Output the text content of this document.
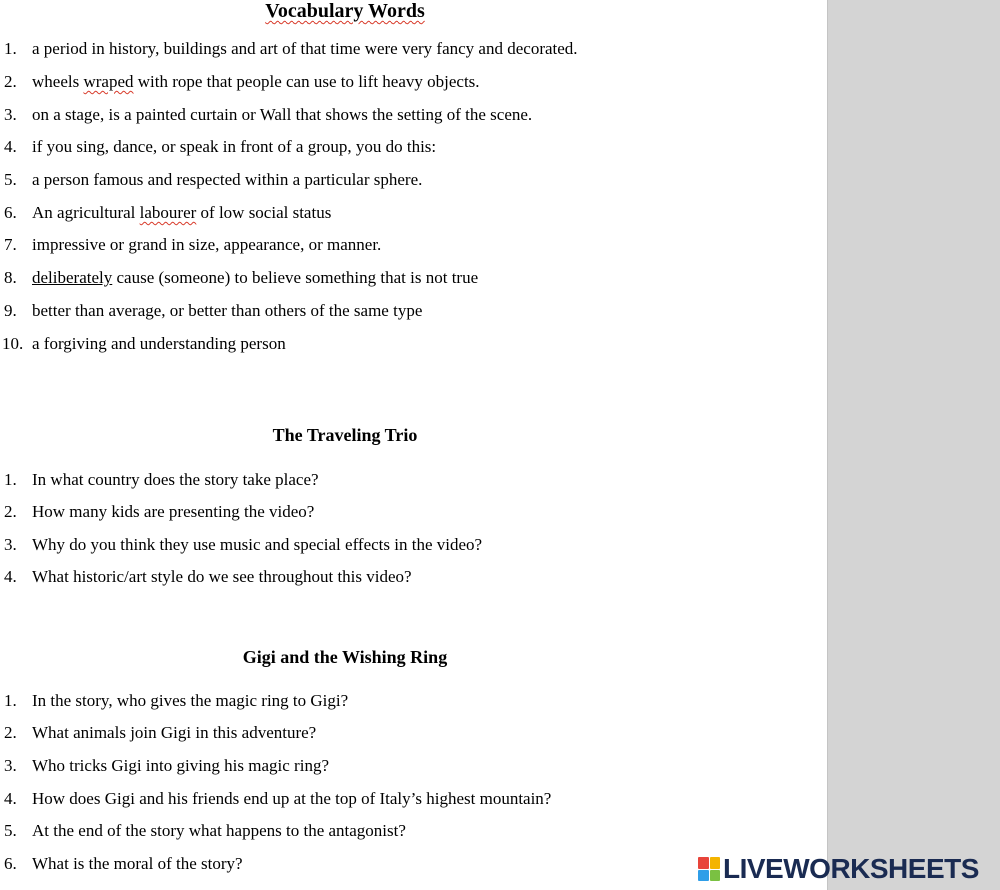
Vocabulary Words
1. a period in history, buildings and art of that time were very fancy and decorated.
2. wheels wraped with rope that people can use to lift heavy objects.
3. on a stage, is a painted curtain or Wall that shows the setting of the scene.
4. if you sing, dance, or speak in front of a group, you do this:
5. a person famous and respected within a particular sphere.
6. An agricultural labourer of low social status
7. impressive or grand in size, appearance, or manner.
8. deliberately cause (someone) to believe something that is not true
9. better than average, or better than others of the same type
10. a forgiving and understanding person
The Traveling Trio
1. In what country does the story take place?
2. How many kids are presenting the video?
3. Why do you think they use music and special effects in the video?
4. What historic/art style do we see throughout this video?
Gigi and the Wishing Ring
1. In the story, who gives the magic ring to Gigi?
2. What animals join Gigi in this adventure?
3. Who tricks Gigi into giving his magic ring?
4. How does Gigi and his friends end up at the top of Italy’s highest mountain?
5. At the end of the story what happens to the antagonist?
6. What is the moral of the story?	LIVEWORKSHEETS
